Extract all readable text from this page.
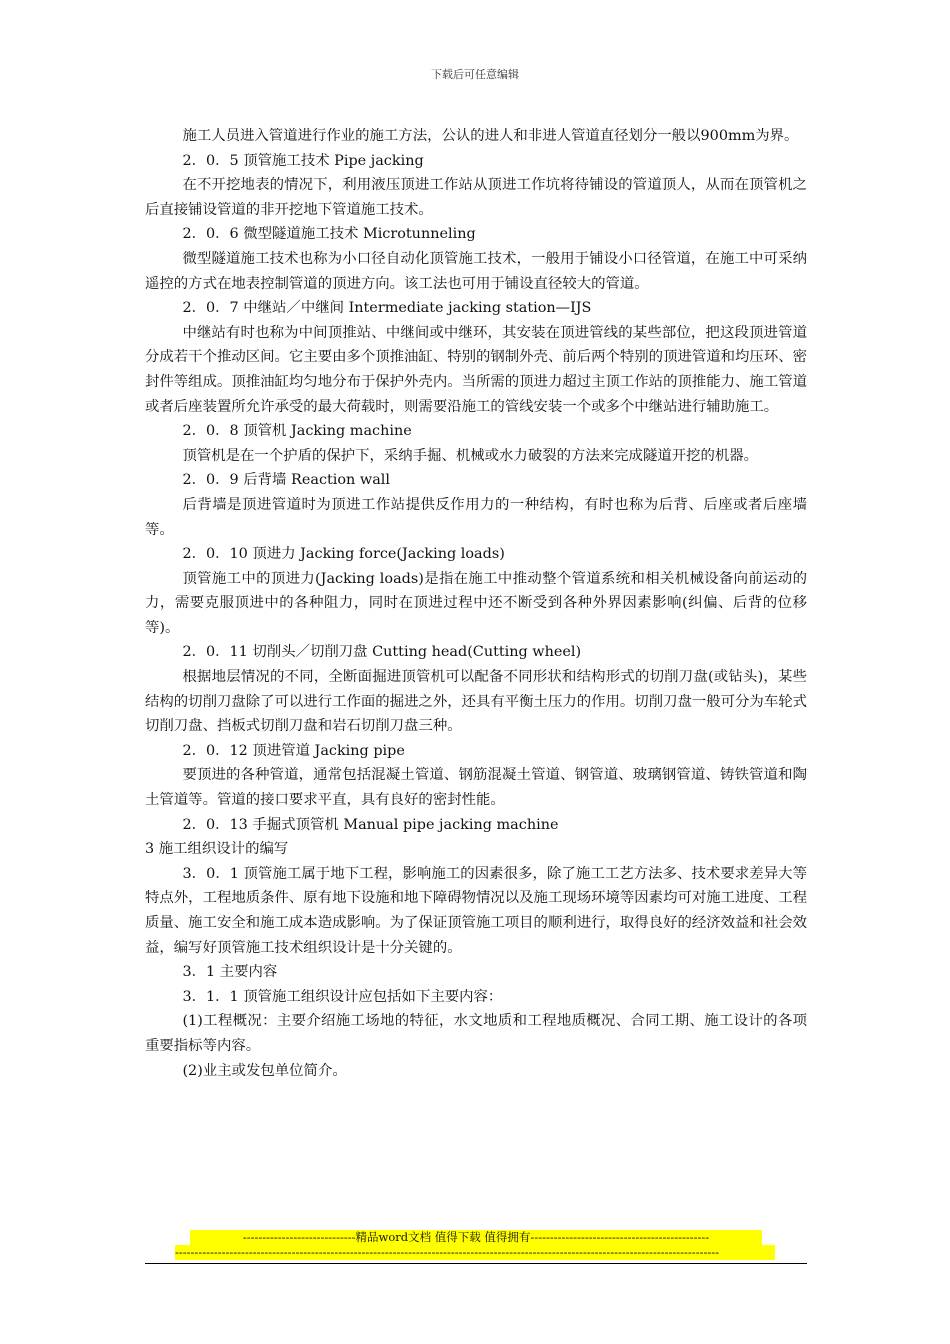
下载后可任意编辑

施工人员进入管道进行作业的施工方法，公认的进人和非进人管道直径划分一般以900mm为界。

2．0．5 顶管施工技术 Pipe jacking

在不开挖地表的情况下，利用液压顶进工作站从顶进工作坑将待铺设的管道顶人，从而在顶管机之后直接铺设管道的非开挖地下管道施工技术。

2．0．6 微型隧道施工技术 Microtunneling

微型隧道施工技术也称为小口径自动化顶管施工技术，一般用于铺设小口径管道，在施工中可采纳遥控的方式在地表控制管道的顶进方向。该工法也可用于铺设直径较大的管道。

2．0．7 中继站／中继间 Intermediate jacking station—IJS

中继站有时也称为中间顶推站、中继间或中继环，其安装在顶进管线的某些部位，把这段顶进管道分成若干个推动区间。它主要由多个顶推油缸、特别的钢制外壳、前后两个特别的顶进管道和均压环、密封件等组成。顶推油缸均匀地分布于保护外壳内。当所需的顶进力超过主顶工作站的顶推能力、施工管道或者后座装置所允许承受的最大荷载时，则需要沿施工的管线安装一个或多个中继站进行辅助施工。

2．0．8 顶管机 Jacking machine

顶管机是在一个护盾的保护下，采纳手掘、机械或水力破裂的方法来完成隧道开挖的机器。

2．0．9 后背墙 Reaction wall

后背墙是顶进管道时为顶进工作站提供反作用力的一种结构，有时也称为后背、后座或者后座墙等。

2．0．10 顶进力 Jacking force(Jacking loads)

顶管施工中的顶进力(Jacking loads)是指在施工中推动整个管道系统和相关机械设备向前运动的力，需要克服顶进中的各种阻力，同时在顶进过程中还不断受到各种外界因素影响(纠偏、后背的位移等)。

2．0．11 切削头／切削刀盘 Cutting head(Cutting wheel)

根据地层情况的不同，全断面掘进顶管机可以配备不同形状和结构形式的切削刀盘(或钻头)，某些结构的切削刀盘除了可以进行工作面的掘进之外，还具有平衡土压力的作用。切削刀盘一般可分为车轮式切削刀盘、挡板式切削刀盘和岩石切削刀盘三种。

2．0．12 顶进管道 Jacking pipe

要顶进的各种管道，通常包括混凝土管道、钢筋混凝土管道、钢管道、玻璃钢管道、铸铁管道和陶土管道等。管道的接口要求平直，具有良好的密封性能。

2．0．13 手掘式顶管机 Manual pipe jacking machine

3 施工组织设计的编写

3．0．1 顶管施工属于地下工程，影响施工的因素很多，除了施工工艺方法多、技术要求差异大等特点外，工程地质条件、原有地下设施和地下障碍物情况以及施工现场环境等因素均可对施工进度、工程质量、施工安全和施工成本造成影响。为了保证顶管施工项目的顺利进行，取得良好的经济效益和社会效益，编写好顶管施工技术组织设计是十分关键的。

3．1 主要内容

3．1．1 顶管施工组织设计应包括如下主要内容：

(1)工程概况：主要介绍施工场地的特征，水文地质和工程地质概况、合同工期、施工设计的各项重要指标等内容。

(2)业主或发包单位简介。

-----------------------------精品word文档 值得下载 值得拥有----------------------------------------------
--------------------------------------------------------------------------------------------------------------------------------------------
